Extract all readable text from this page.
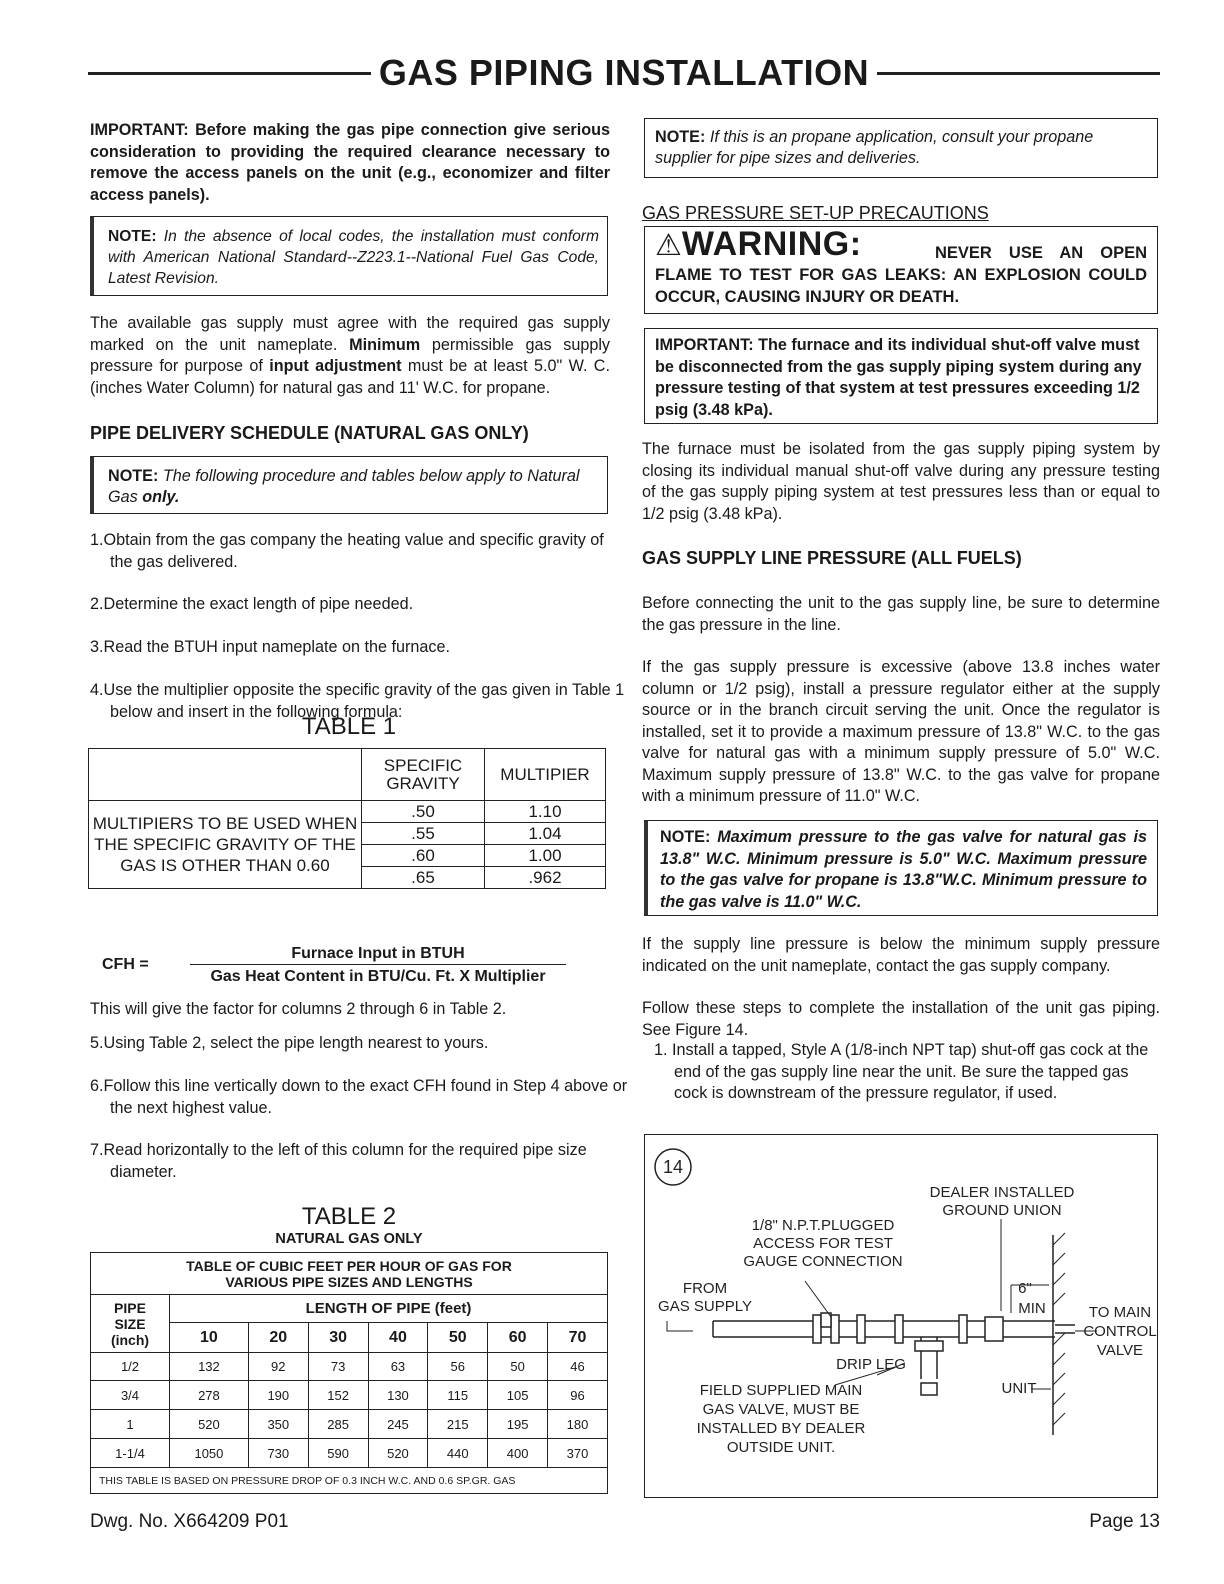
GAS PIPING INSTALLATION

IMPORTANT: Before making the gas pipe connection give serious consideration to providing the required clearance necessary to remove the access panels on the unit (e.g., economizer and filter access panels).

NOTE: In the absence of local codes, the installation must conform with American National Standard--Z223.1--National Fuel Gas Code, Latest Revision.

The available gas supply must agree with the required gas supply marked on the unit nameplate. Minimum permissible gas supply pressure for purpose of input adjustment must be at least 5.0" W. C. (inches Water Column) for natural gas and 11' W.C. for propane.

PIPE DELIVERY SCHEDULE (NATURAL GAS ONLY)

NOTE: The following procedure and tables below apply to Natural Gas only.

1.Obtain from the gas company the heating value and specific gravity of the gas delivered.

2.Determine the exact length of pipe needed.

3.Read the BTUH input nameplate on the furnace.

4.Use the multiplier opposite the specific gravity of the gas given in Table 1 below and insert in the following formula:

TABLE 1
	SPECIFIC GRAVITY	MULTIPIER
MULTIPIERS TO BE USED WHEN THE SPECIFIC GRAVITY OF THE GAS IS OTHER THAN 0.60	.50	1.10
	.55	1.04
	.60	1.00
	.65	.962
CFH =
Furnace Input in BTUH
Gas Heat Content in BTU/Cu. Ft. X Multiplier

This will give the factor for columns 2 through 6 in Table 2.

5.Using Table 2, select the pipe length nearest to yours.

6.Follow this line vertically down to the exact CFH found in Step 4 above or the next highest value.

7.Read horizontally to the left of this column for the required pipe size diameter.

TABLE 2
NATURAL GAS ONLY
TABLE OF CUBIC FEET PER HOUR OF GAS FOR VARIOUS PIPE SIZES AND LENGTHS							
PIPE SIZE (inch)	LENGTH OF PIPE (feet)						
	10	20	30	40	50	60	70
1/2	132	92	73	63	56	50	46
3/4	278	190	152	130	115	105	96
1	520	350	285	245	215	195	180
1-1/4	1050	730	590	520	440	400	370
THIS TABLE IS BASED ON PRESSURE DROP OF 0.3 INCH W.C. AND 0.6 SP.GR. GAS							

NOTE: If this is an propane application, consult your propane supplier for pipe sizes and deliveries.

GAS PRESSURE SET-UP PRECAUTIONS

⚠WARNING:	NEVER USE AN OPEN FLAME TO TEST FOR GAS LEAKS: AN EXPLOSION COULD OCCUR, CAUSING INJURY OR DEATH.

IMPORTANT: The furnace and its individual shut-off valve must be disconnected from the gas supply piping system during any pressure testing of that system at test pressures exceeding 1/2 psig (3.48 kPa).

The furnace must be isolated from the gas supply piping system by closing its individual manual shut-off valve during any pressure testing of the gas supply piping system at test pressures less than or equal to 1/2 psig (3.48 kPa).

GAS SUPPLY LINE PRESSURE (ALL FUELS)

Before connecting the unit to the gas supply line, be sure to determine the gas pressure in the line.

If the gas supply pressure is excessive (above 13.8 inches water column or 1/2 psig), install a pressure regulator either at the supply source or in the branch circuit serving the unit. Once the regulator is installed, set it to provide a maximum pressure of 13.8" W.C. to the gas valve for natural gas with a minimum supply pressure of 5.0" W.C. Maximum supply pressure of 13.8" W.C. to the gas valve for propane with a minimum pressure of 11.0" W.C.

NOTE: Maximum pressure to the gas valve for natural gas is 13.8" W.C. Minimum pressure is 5.0" W.C. Maximum pressure to the gas valve for propane is 13.8"W.C. Minimum pressure to the gas valve is 11.0" W.C.

If the supply line pressure is below the minimum supply pressure indicated on the unit nameplate, contact the gas supply company.

Follow these steps to complete the installation of the unit gas piping. See Figure 14.

1. Install a tapped, Style A (1/8-inch NPT tap) shut-off gas cock at the end of the gas supply line near the unit. Be sure the tapped gas cock is downstream of the pressure regulator, if used.

14
DEALER INSTALLED
GROUND UNION
1/8" N.P.T.PLUGGED
ACCESS FOR TEST
GAUGE CONNECTION
FROM
GAS SUPPLY
6"
MIN	TO MAIN
CONTROL
VALVE
DRIP LEG
FIELD SUPPLIED MAIN
GAS VALVE, MUST BE
INSTALLED BY DEALER
OUTSIDE UNIT.
UNIT
Dwg. No. X664209 P01	Page 13
